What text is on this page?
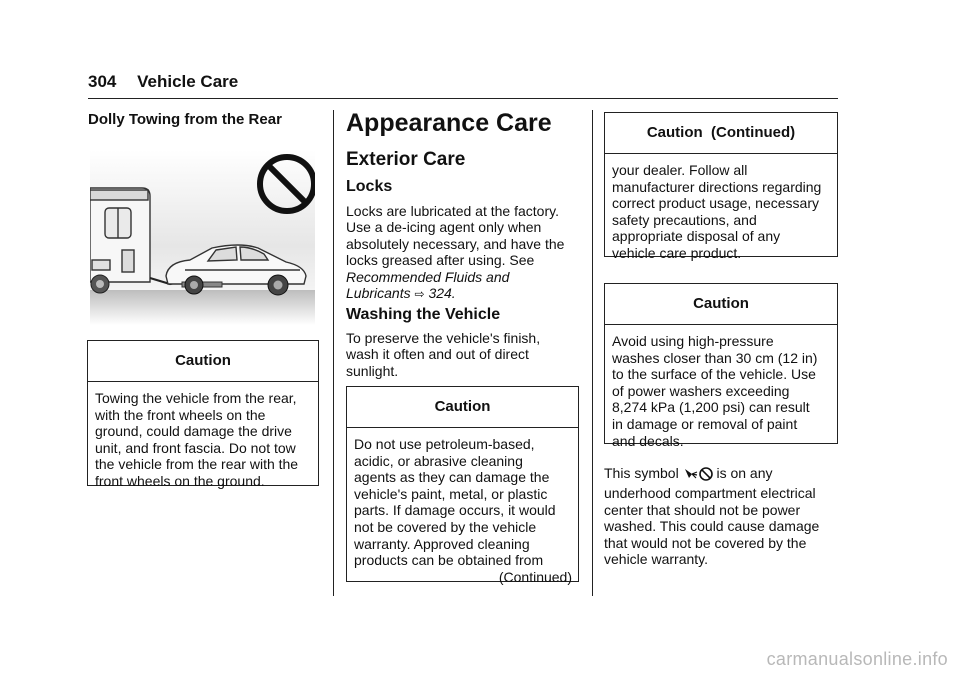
304 Vehicle Care
Dolly Towing from the Rear
Caution
Towing the vehicle from the rear,
with the front wheels on the
ground, could damage the drive
unit, and front fascia. Do not tow
the vehicle from the rear with the
front wheels on the ground.
Appearance Care
Exterior Care
Locks
Locks are lubricated at the factory.
Use a de-icing agent only when
absolutely necessary, and have the
locks greased after using. See
Recommended Fluids and
Lubricants ⇨ 324.
Washing the Vehicle
To preserve the vehicle's finish,
wash it often and out of direct
sunlight.
Caution
Do not use petroleum-based,
acidic, or abrasive cleaning
agents as they can damage the
vehicle's paint, metal, or plastic
parts. If damage occurs, it would
not be covered by the vehicle
warranty. Approved cleaning
products can be obtained from
(Continued)
Caution  (Continued)
your dealer. Follow all
manufacturer directions regarding
correct product usage, necessary
safety precautions, and
appropriate disposal of any
vehicle care product.
Caution
Avoid using high-pressure
washes closer than 30 cm (12 in)
to the surface of the vehicle. Use
of power washers exceeding
8,274 kPa (1,200 psi) can result
in damage or removal of paint
and decals.
This symbol	is on any
underhood compartment electrical
center that should not be power
washed. This could cause damage
that would not be covered by the
vehicle warranty.
carmanualsonline.info
